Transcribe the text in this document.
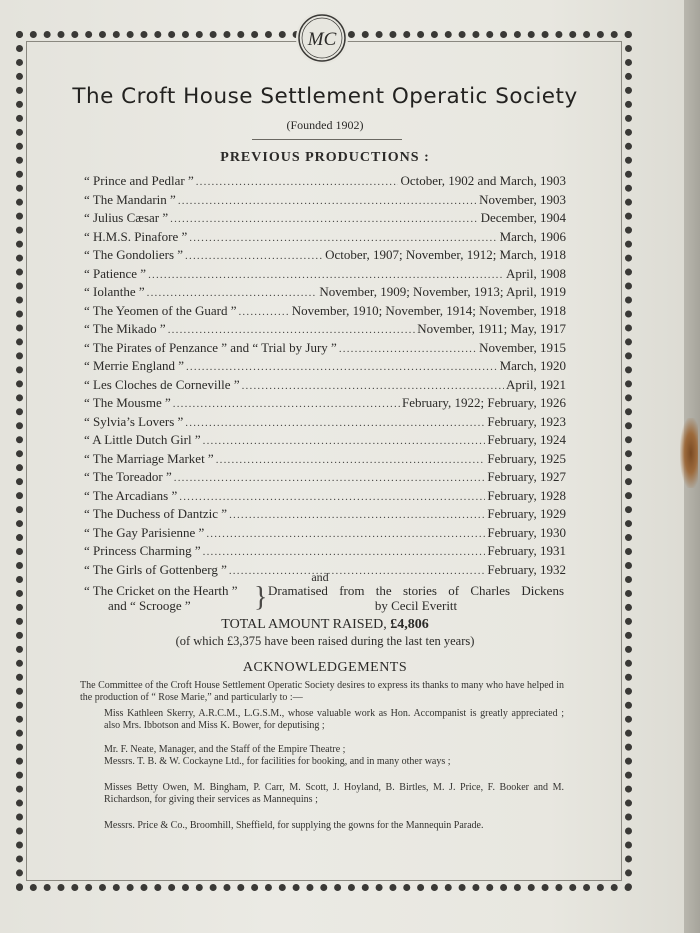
MC
The Croft House Settlement Operatic Society
(Founded 1902)
PREVIOUS PRODUCTIONS :
“ Prince and Pedlar ” .....	October, 1902 and March, 1903
“ The Mandarin ” .....	November, 1903
“ Julius Cæsar ” .....	December, 1904
“ H.M.S. Pinafore ” .....	March, 1906
“ The Gondoliers ” .....	October, 1907; November, 1912; March, 1918
“ Patience ” .....	April, 1908
“ Iolanthe ” .....	November, 1909; November, 1913; April, 1919
“ The Yeomen of the Guard ” .....	November, 1910; November, 1914; November, 1918
“ The Mikado ” .....	November, 1911; May, 1917
“ The Pirates of Penzance ” and “ Trial by Jury ” .....	November, 1915
“ Merrie England ” .....	March, 1920
“ Les Cloches de Corneville ” .....	April, 1921
“ The Mousme ” .....	February, 1922; February, 1926
“ Sylvia’s Lovers ” .....	February, 1923
“ A Little Dutch Girl ” .....	February, 1924
“ The Marriage Market ” .....	February, 1925
“ The Toreador ” .....	February, 1927
“ The Arcadians ” .....	February, 1928
“ The Duchess of Dantzic ” .....	February, 1929
“ The Gay Parisienne ” .....	February, 1930
“ Princess Charming ” .....	February, 1931
“ The Girls of Gottenberg ” .....	February, 1932
and
“ The Cricket on the Hearth ”
and “ Scrooge ”	} Dramatised from the stories of Charles Dickens
by Cecil Everitt
TOTAL AMOUNT RAISED, £4,806
(of which £3,375 have been raised during the last ten years)
ACKNOWLEDGEMENTS
The Committee of the Croft House Settlement Operatic Society desires to express its thanks to many who have helped in the production of “ Rose Marie,” and particularly to :—
Miss Kathleen Skerry, A.R.C.M., L.G.S.M., whose valuable work as Hon. Accompanist is greatly appreciated ; also Mrs. Ibbotson and Miss K. Bower, for deputising ;
Mr. F. Neate, Manager, and the Staff of the Empire Theatre ;
Messrs. T. B. & W. Cockayne Ltd., for facilities for booking, and in many other ways ;
Misses Betty Owen, M. Bingham, P. Carr, M. Scott, J. Hoyland, B. Birtles, M. J. Price, F. Booker and M. Richardson, for giving their services as Mannequins ;
Messrs. Price & Co., Broomhill, Sheffield, for supplying the gowns for the Mannequin Parade.
